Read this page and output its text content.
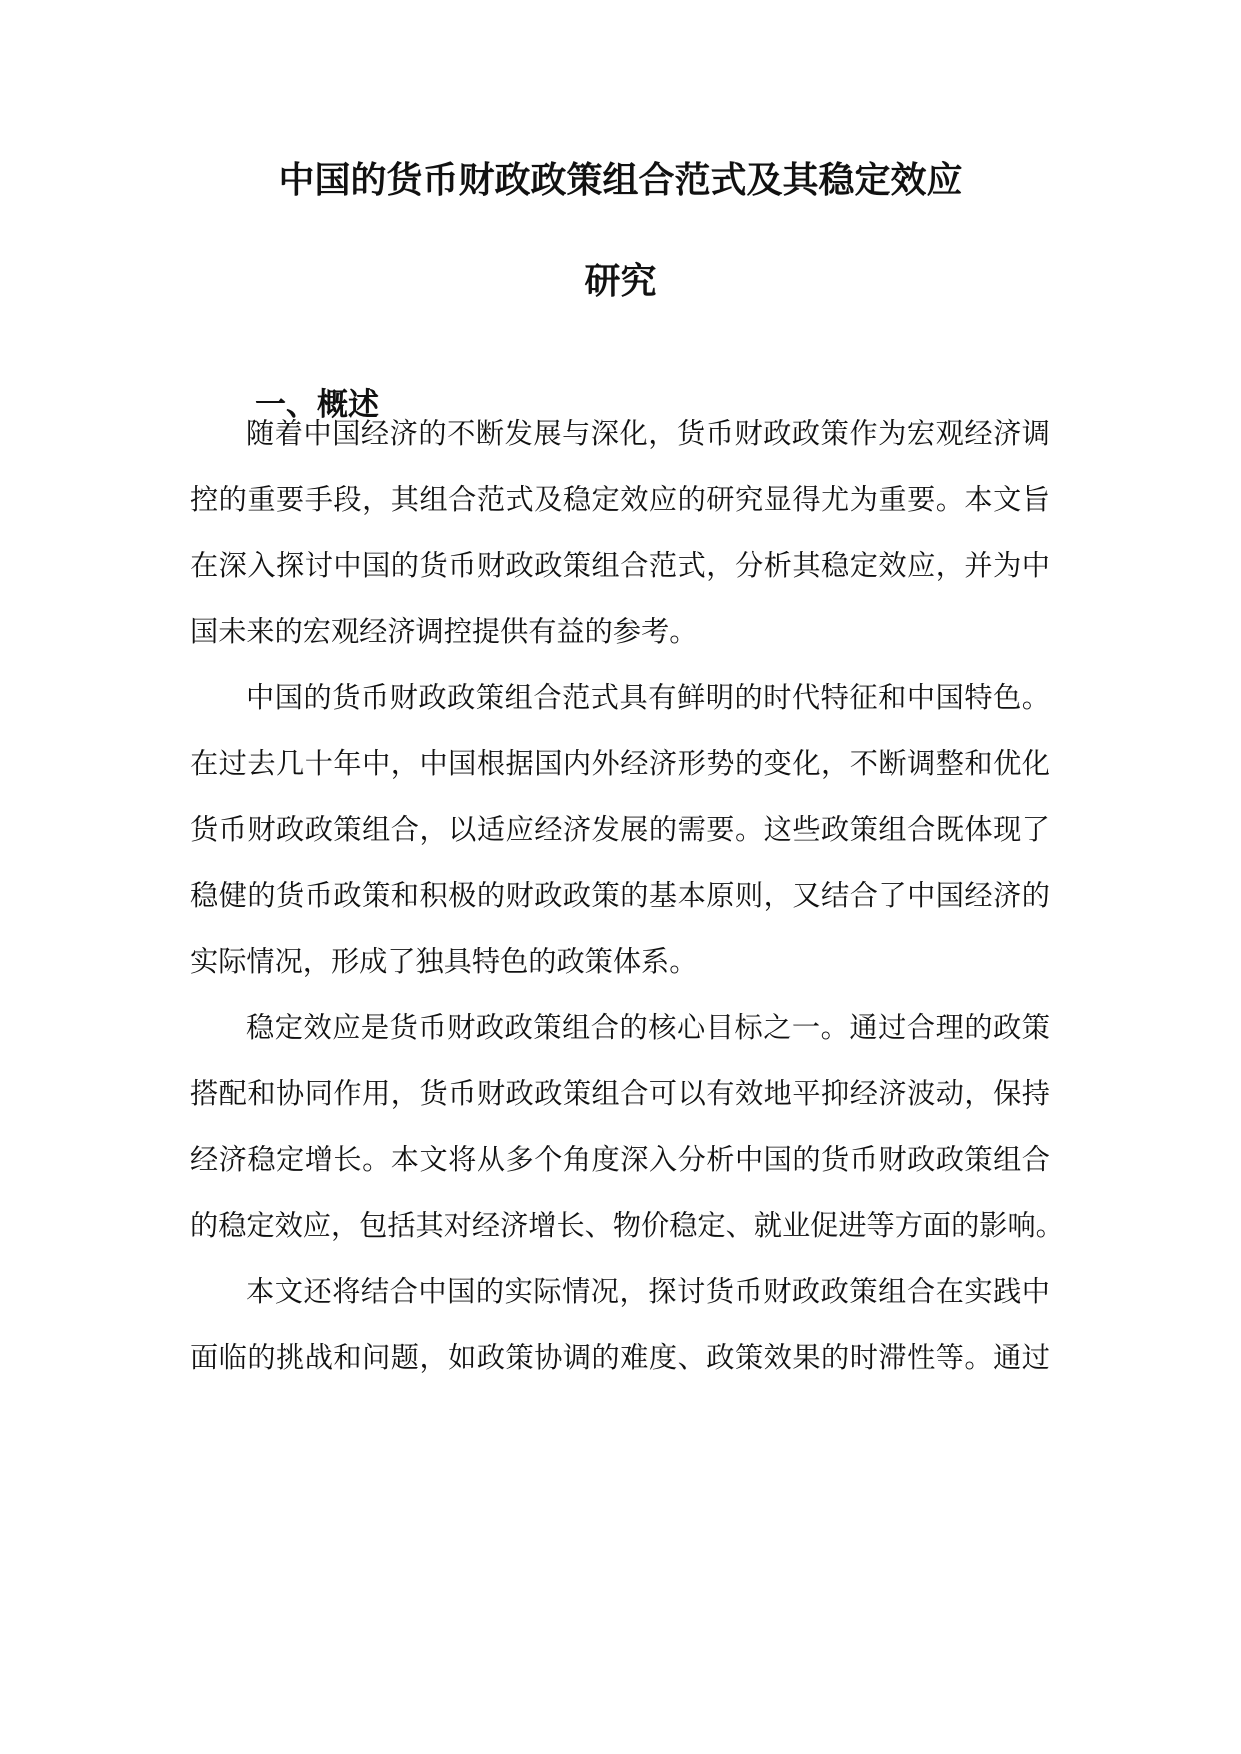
中国的货币财政政策组合范式及其稳定效应
研究
一、概述
随着中国经济的不断发展与深化，货币财政政策作为宏观经济调
控的重要手段，其组合范式及稳定效应的研究显得尤为重要。本文旨
在深入探讨中国的货币财政政策组合范式，分析其稳定效应，并为中
国未来的宏观经济调控提供有益的参考。
中国的货币财政政策组合范式具有鲜明的时代特征和中国特色。
在过去几十年中，中国根据国内外经济形势的变化，不断调整和优化
货币财政政策组合，以适应经济发展的需要。这些政策组合既体现了
稳健的货币政策和积极的财政政策的基本原则，又结合了中国经济的
实际情况，形成了独具特色的政策体系。
稳定效应是货币财政政策组合的核心目标之一。通过合理的政策
搭配和协同作用，货币财政政策组合可以有效地平抑经济波动，保持
经济稳定增长。本文将从多个角度深入分析中国的货币财政政策组合
的稳定效应，包括其对经济增长、物价稳定、就业促进等方面的影响。
本文还将结合中国的实际情况，探讨货币财政政策组合在实践中
面临的挑战和问题，如政策协调的难度、政策效果的时滞性等。通过
